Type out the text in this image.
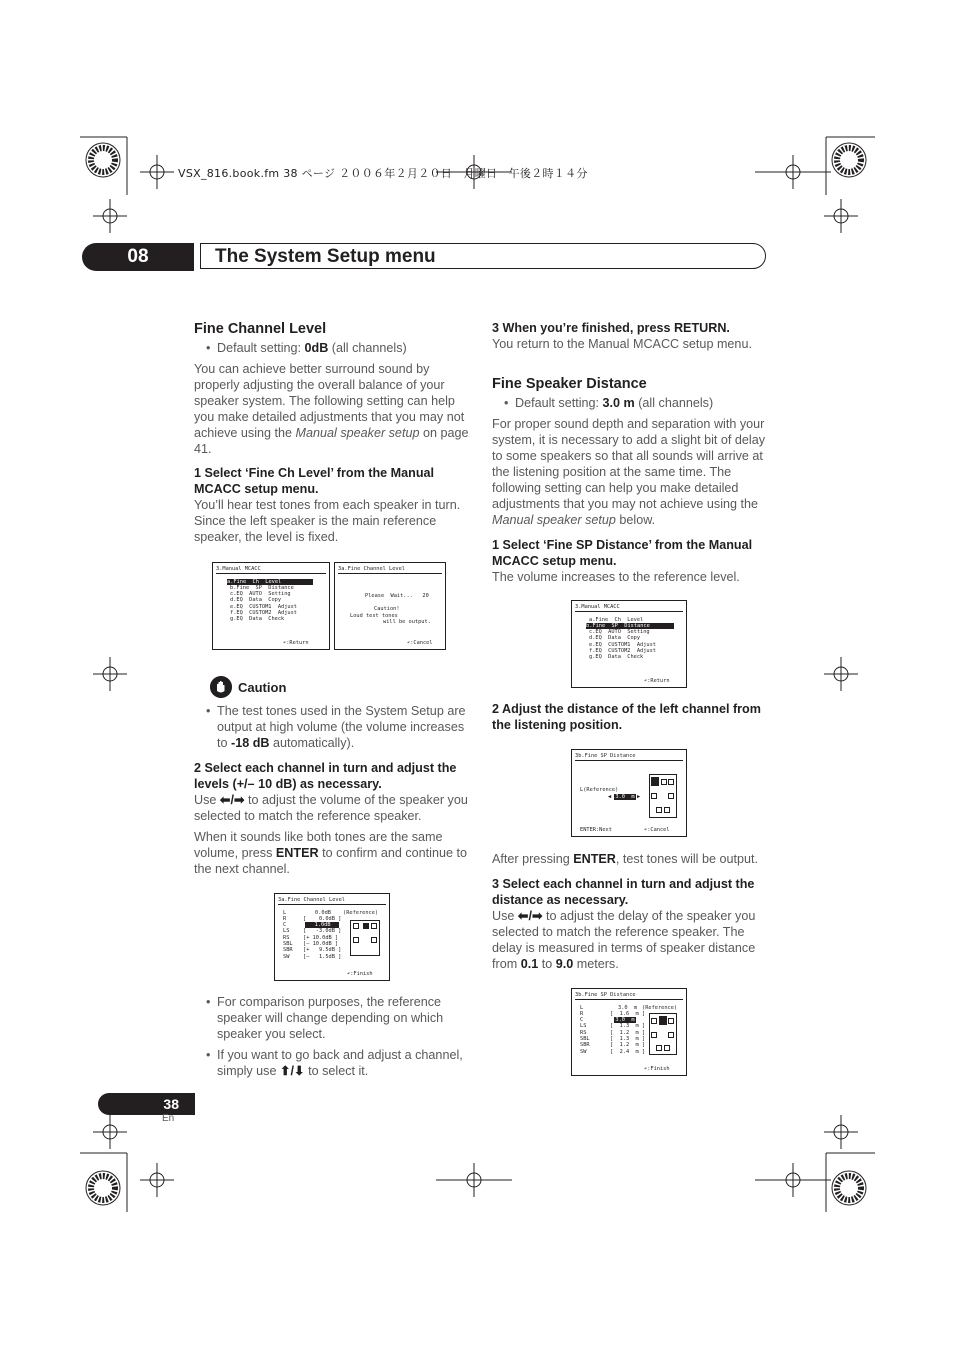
VSX_816.book.fm 38 ページ ２００６年２月２０日　月曜日　午後２時１４分
08	The System Setup menu
Fine Channel Level

• Default setting: 0dB (all channels)

You can achieve better surround sound by properly adjusting the overall balance of your speaker system. The following setting can help you make detailed adjustments that you may not achieve using the Manual speaker setup on page 41.

1 Select ‘Fine Ch Level’ from the Manual MCACC setup menu.

You’ll hear test tones from each speaker in turn. Since the left speaker is the main reference speaker, the level is fixed.

3.Manual MCACC
a.Fine  Ch  Level
b.Fine  SP  Distance
c.EQ  AUTO  Setting
d.EQ  Data  Copy
e.EQ  CUSTOM1  Adjust
f.EQ  CUSTOM2  Adjust
g.EQ  Data  Check
↶:Return
3a.Fine Channel Level
Please  Wait...   20
Caution!
Loud test tones
will be output.
↶:Cancel
Caution

• The test tones used in the System Setup are output at high volume (the volume increases to -18 dB automatically).

2 Select each channel in turn and adjust the levels (+/– 10 dB) as necessary.

Use ⬅/➡ to adjust the volume of the speaker you selected to match the reference speaker.

When it sounds like both tones are the same volume, press ENTER to confirm and continue to the next channel.

3a.Fine Channel Level
(Reference)
L	0.0dB
R	[    0.0dB ]
C	1.0dB
LS	[   -3.0dB ]
RS	[+ 10.0dB ]
SBL [– 10.0dB ]
SBR [+   9.5dB ]
SW	[–   1.5dB ]
↶:Finish

• For comparison purposes, the reference speaker will change depending on which speaker you select.

• If you want to go back and adjust a channel, simply use ⬆/⬇ to select it.

3 When you’re finished, press RETURN.

You return to the Manual MCACC setup menu.

Fine Speaker Distance

• Default setting: 3.0 m (all channels)

For proper sound depth and separation with your system, it is necessary to add a slight bit of delay to some speakers so that all sounds will arrive at the listening position at the same time. The following setting can help you make detailed adjustments that you may not achieve using the Manual speaker setup below.

1 Select ‘Fine SP Distance’ from the Manual MCACC setup menu.

The volume increases to the reference level.

3.Manual MCACC
a.Fine  Ch  Level
b.Fine  SP  Distance
c.EQ  AUTO  Setting
d.EQ  Data  Copy
e.EQ  CUSTOM1  Adjust
f.EQ  CUSTOM2  Adjust
g.EQ  Data  Check
↶:Return

2 Adjust the distance of the left channel from the listening position.

3b.Fine SP Distance
L(Reference)
◀ 3.0  m ▶
ENTER:Next	↶:Cancel

After pressing ENTER, test tones will be output.

3 Select each channel in turn and adjust the distance as necessary.

Use ⬅/➡ to adjust the delay of the speaker you selected to match the reference speaker. The delay is measured in terms of speaker distance from 0.1 to 9.0 meters.

3b.Fine SP Distance
(Reference)
L	3.0  m
R	[  1.6  m ]
C	3.0  m
LS	[  1.3  m ]
RS	[  1.2  m ]
SBL	[  1.3  m ]
SBR	[  1.2  m ]
SW	[  2.4  m ]
↶:Finish
38
En
